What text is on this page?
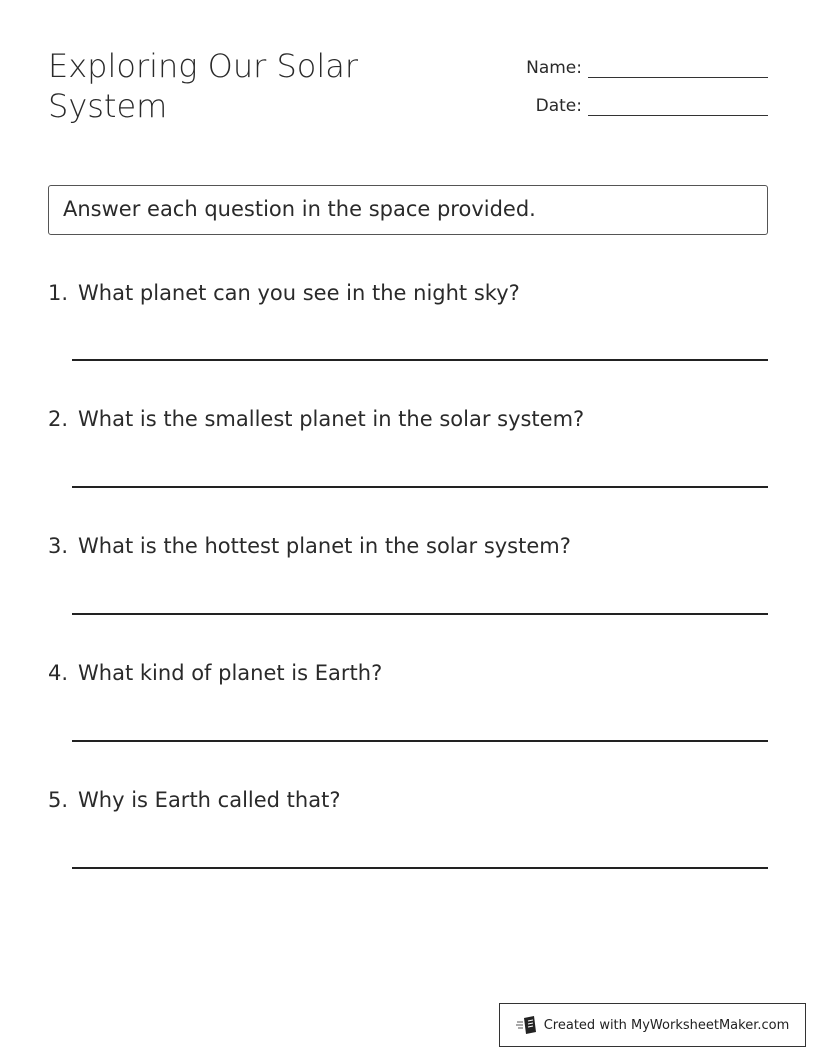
Exploring Our Solar System
Name:
Date:
Answer each question in the space provided.
1. What planet can you see in the night sky?
2. What is the smallest planet in the solar system?
3. What is the hottest planet in the solar system?
4. What kind of planet is Earth?
5. Why is Earth called that?
Created with MyWorksheetMaker.com
